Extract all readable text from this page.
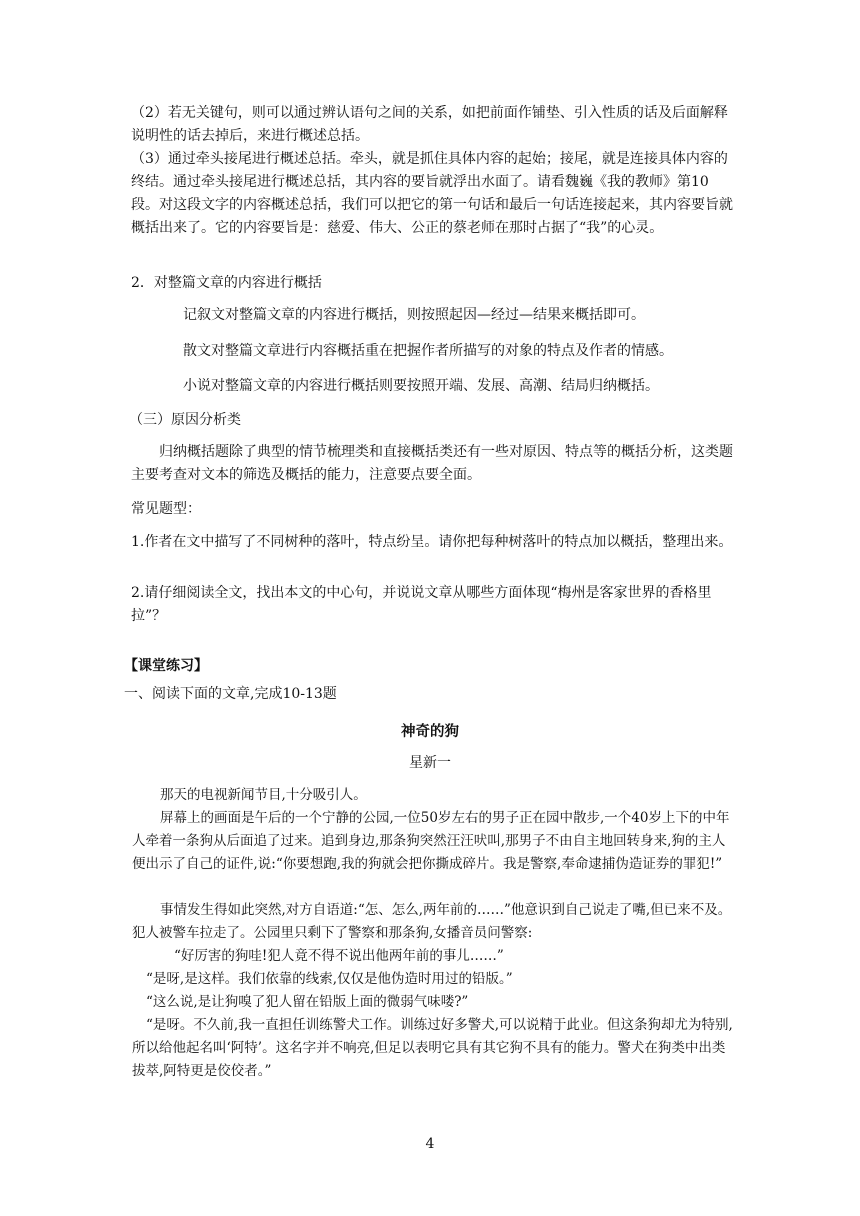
（2）若无关键句，则可以通过辨认语句之间的关系，如把前面作铺垫、引入性质的话及后面解释说明性的话去掉后，来进行概述总括。

（3）通过牵头接尾进行概述总括。牵头，就是抓住具体内容的起始；接尾，就是连接具体内容的终结。通过牵头接尾进行概述总括，其内容的要旨就浮出水面了。请看魏巍《我的教师》第10段。对这段文字的内容概述总括，我们可以把它的第一句话和最后一句话连接起来，其内容要旨就概括出来了。它的内容要旨是：慈爱、伟大、公正的蔡老师在那时占据了“我”的心灵。

2．对整篇文章的内容进行概括

记叙文对整篇文章的内容进行概括，则按照起因—经过—结果来概括即可。

散文对整篇文章进行内容概括重在把握作者所描写的对象的特点及作者的情感。

小说对整篇文章的内容进行概括则要按照开端、发展、高潮、结局归纳概括。

（三）原因分析类

归纳概括题除了典型的情节梳理类和直接概括类还有一些对原因、特点等的概括分析，这类题主要考查对文本的筛选及概括的能力，注意要点要全面。

常见题型：

1.作者在文中描写了不同树种的落叶，特点纷呈。请你把每种树落叶的特点加以概括，整理出来。

2.请仔细阅读全文，找出本文的中心句，并说说文章从哪些方面体现“梅州是客家世界的香格里拉”？

【课堂练习】

一、阅读下面的文章,完成10-13题

神奇的狗

星新一

那天的电视新闻节目,十分吸引人。

屏幕上的画面是午后的一个宁静的公园,一位50岁左右的男子正在园中散步,一个40岁上下的中年人牵着一条狗从后面追了过来。追到身边,那条狗突然汪汪吠叫,那男子不由自主地回转身来,狗的主人便出示了自己的证件,说:“你要想跑,我的狗就会把你撕成碎片。我是警察,奉命逮捕伪造证券的罪犯!”

事情发生得如此突然,对方自语道:“怎、怎么,两年前的……”他意识到自己说走了嘴,但已来不及。犯人被警车拉走了。公园里只剩下了警察和那条狗,女播音员问警察:

“好厉害的狗哇!犯人竟不得不说出他两年前的事儿……”

“是呀,是这样。我们依靠的线索,仅仅是他伪造时用过的铅版。”

“这么说,是让狗嗅了犯人留在铅版上面的微弱气味喽?”

“是呀。不久前,我一直担任训练警犬工作。训练过好多警犬,可以说精于此业。但这条狗却尤为特别,所以给他起名叫‘阿特’。这名字并不响亮,但足以表明它具有其它狗不具有的能力。警犬在狗类中出类拔萃,阿特更是佼佼者。”

4
